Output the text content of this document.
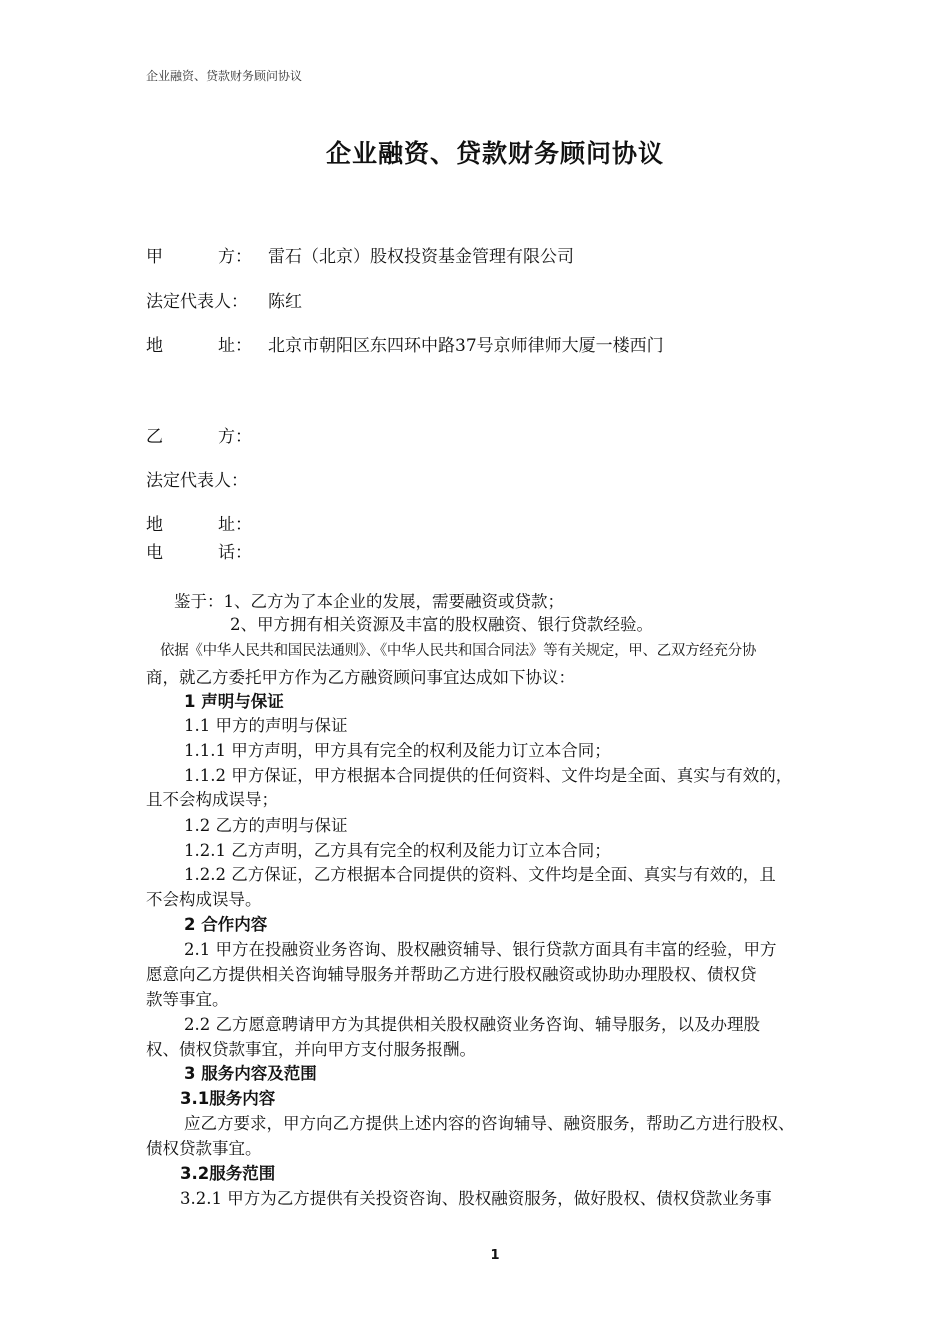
企业融资、贷款财务顾问协议
企业融资、贷款财务顾问协议
甲	方： 雷石（北京）股权投资基金管理有限公司
法定代表人： 陈红
地	址： 北京市朝阳区东四环中路37号京师律师大厦一楼西门
乙	方：
法定代表人：
地	址：
电	话：
鉴于：1、乙方为了本企业的发展，需要融资或贷款；
2、甲方拥有相关资源及丰富的股权融资、银行贷款经验。
依据《中华人民共和国民法通则》、《中华人民共和国合同法》等有关规定，甲、乙双方经充分协
商，就乙方委托甲方作为乙方融资顾问事宜达成如下协议：
1 声明与保证
1.1 甲方的声明与保证
1.1.1 甲方声明，甲方具有完全的权利及能力订立本合同；
1.1.2 甲方保证，甲方根据本合同提供的任何资料、文件均是全面、真实与有效的，
且不会构成误导；
1.2 乙方的声明与保证
1.2.1 乙方声明，乙方具有完全的权利及能力订立本合同；
1.2.2 乙方保证，乙方根据本合同提供的资料、文件均是全面、真实与有效的，且
不会构成误导。
2 合作内容
2.1 甲方在投融资业务咨询、股权融资辅导、银行贷款方面具有丰富的经验，甲方
愿意向乙方提供相关咨询辅导服务并帮助乙方进行股权融资或协助办理股权、债权贷
款等事宜。
2.2 乙方愿意聘请甲方为其提供相关股权融资业务咨询、辅导服务，以及办理股
权、债权贷款事宜，并向甲方支付服务报酬。
3 服务内容及范围
3.1服务内容
应乙方要求，甲方向乙方提供上述内容的咨询辅导、融资服务，帮助乙方进行股权、
债权贷款事宜。
3.2服务范围
3.2.1 甲方为乙方提供有关投资咨询、股权融资服务，做好股权、债权贷款业务事
1
